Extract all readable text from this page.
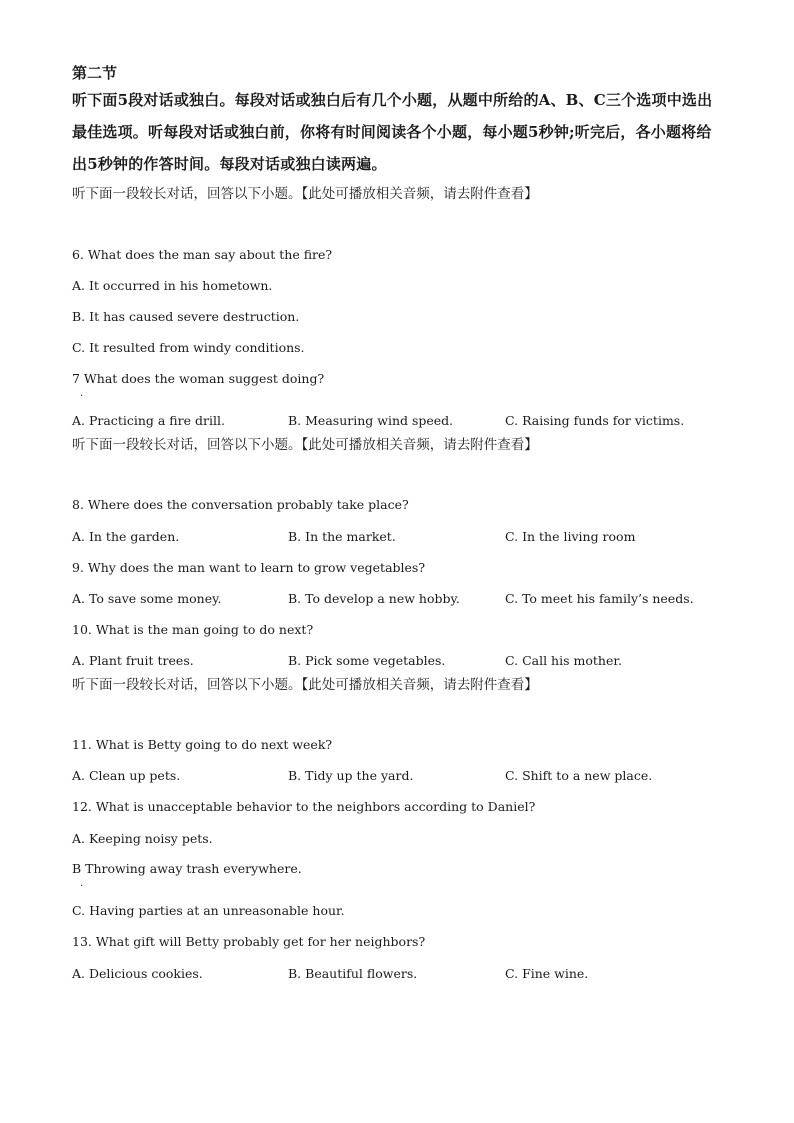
第二节
听下面5段对话或独白。每段对话或独白后有几个小题，从题中所给的A、B、C三个选项中选出最佳选项。听每段对话或独白前，你将有时间阅读各个小题，每小题5秒钟;听完后，各小题将给出5秒钟的作答时间。每段对话或独白读两遍。
听下面一段较长对话，回答以下小题。【此处可播放相关音频，请去附件查看】
6. What does the man say about the fire?
A. It occurred in his hometown.
B. It has caused severe destruction.
C. It resulted from windy conditions.
7 What does the woman suggest doing?
.
A. Practicing a fire drill.	B. Measuring wind speed.	C. Raising funds for victims.
听下面一段较长对话，回答以下小题。【此处可播放相关音频，请去附件查看】
8. Where does the conversation probably take place?
A. In the garden.	B. In the market.	C. In the living room
9. Why does the man want to learn to grow vegetables?
A. To save some money.	B. To develop a new hobby.	C. To meet his family’s needs.
10. What is the man going to do next?
A. Plant fruit trees.	B. Pick some vegetables.	C. Call his mother.
听下面一段较长对话，回答以下小题。【此处可播放相关音频，请去附件查看】
11. What is Betty going to do next week?
A. Clean up pets.	B. Tidy up the yard.	C. Shift to a new place.
12. What is unacceptable behavior to the neighbors according to Daniel?
A. Keeping noisy pets.
B Throwing away trash everywhere.
.
C. Having parties at an unreasonable hour.
13. What gift will Betty probably get for her neighbors?
A. Delicious cookies.	B. Beautiful flowers.	C. Fine wine.
